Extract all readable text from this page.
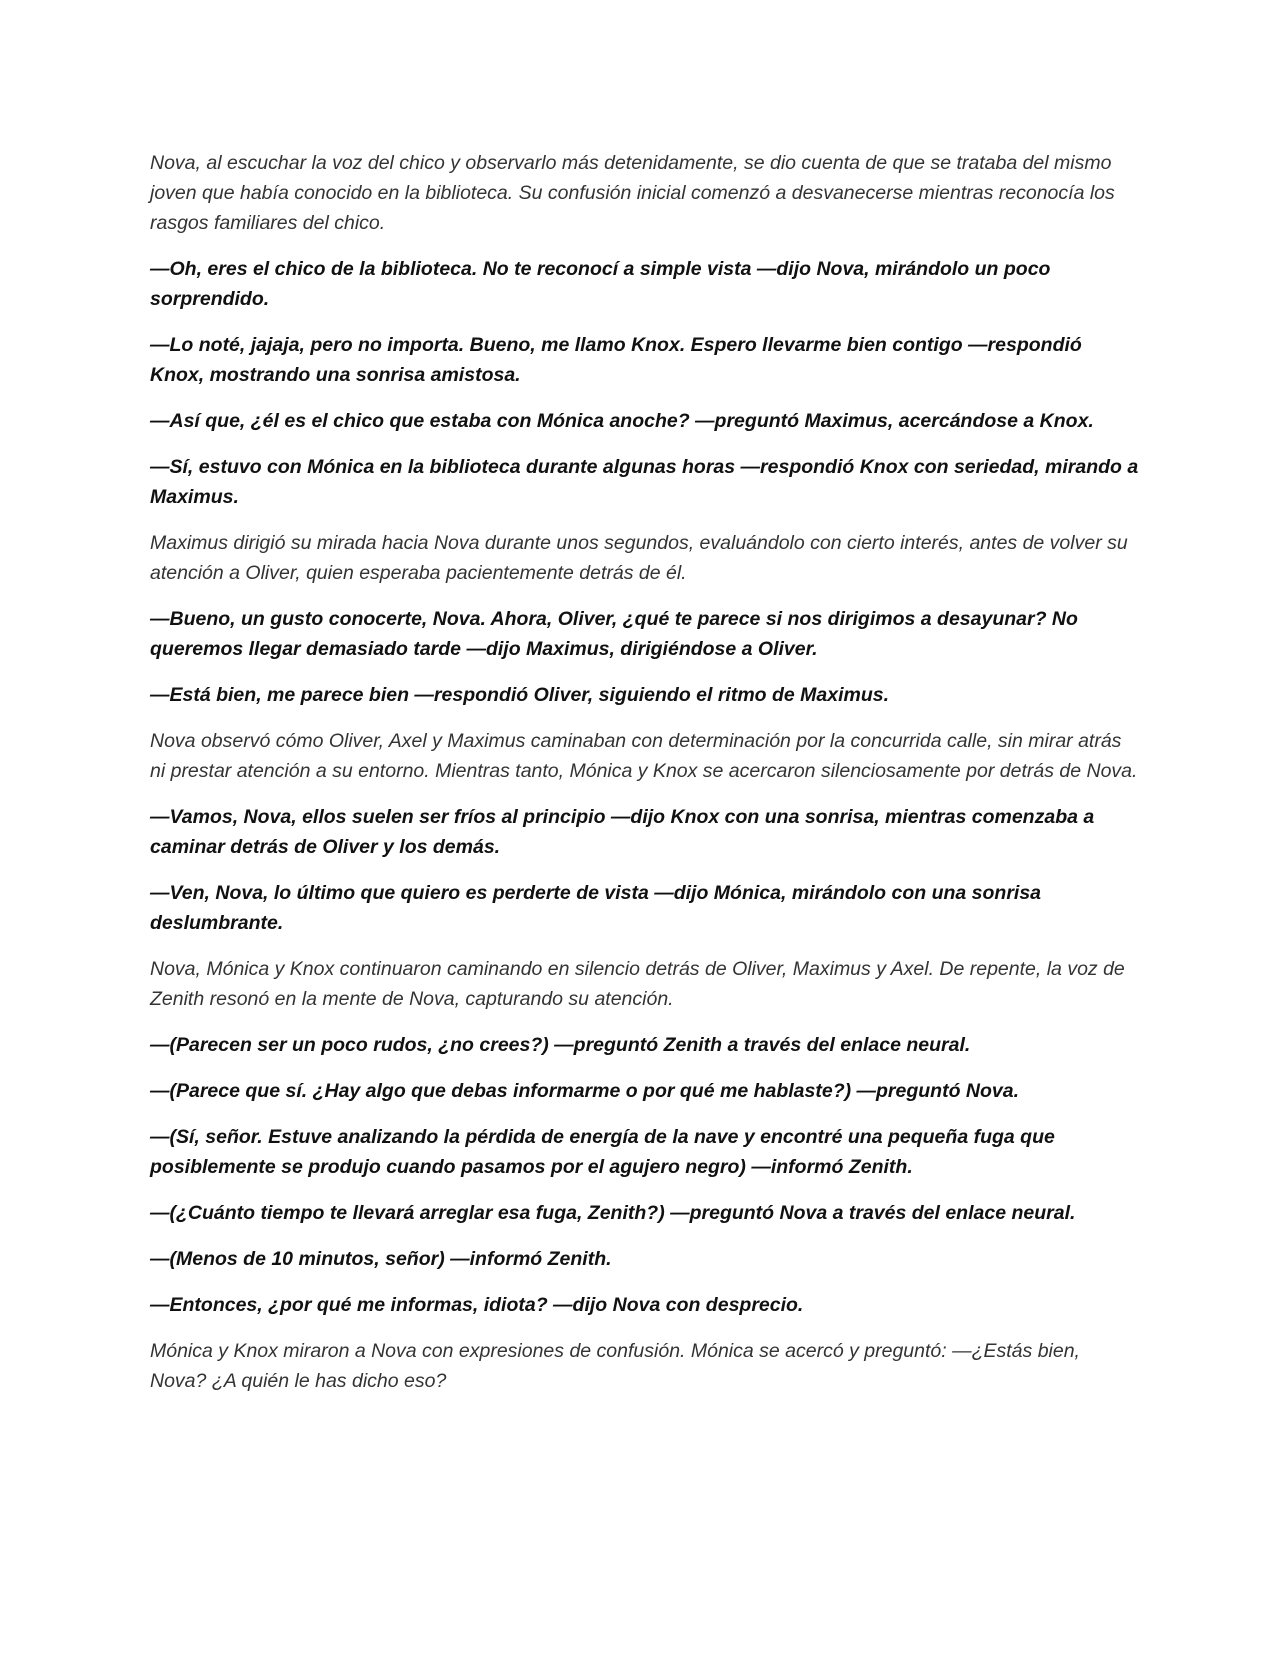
Nova, al escuchar la voz del chico y observarlo más detenidamente, se dio cuenta de que se trataba del mismo joven que había conocido en la biblioteca. Su confusión inicial comenzó a desvanecerse mientras reconocía los rasgos familiares del chico.

—Oh, eres el chico de la biblioteca. No te reconocí a simple vista —dijo Nova, mirándolo un poco sorprendido.

—Lo noté, jajaja, pero no importa. Bueno, me llamo Knox. Espero llevarme bien contigo —respondió Knox, mostrando una sonrisa amistosa.

—Así que, ¿él es el chico que estaba con Mónica anoche? —preguntó Maximus, acercándose a Knox.

—Sí, estuvo con Mónica en la biblioteca durante algunas horas —respondió Knox con seriedad, mirando a Maximus.

Maximus dirigió su mirada hacia Nova durante unos segundos, evaluándolo con cierto interés, antes de volver su atención a Oliver, quien esperaba pacientemente detrás de él.

—Bueno, un gusto conocerte, Nova. Ahora, Oliver, ¿qué te parece si nos dirigimos a desayunar? No queremos llegar demasiado tarde —dijo Maximus, dirigiéndose a Oliver.

—Está bien, me parece bien —respondió Oliver, siguiendo el ritmo de Maximus.

Nova observó cómo Oliver, Axel y Maximus caminaban con determinación por la concurrida calle, sin mirar atrás ni prestar atención a su entorno. Mientras tanto, Mónica y Knox se acercaron silenciosamente por detrás de Nova.

—Vamos, Nova, ellos suelen ser fríos al principio —dijo Knox con una sonrisa, mientras comenzaba a caminar detrás de Oliver y los demás.

—Ven, Nova, lo último que quiero es perderte de vista —dijo Mónica, mirándolo con una sonrisa deslumbrante.

Nova, Mónica y Knox continuaron caminando en silencio detrás de Oliver, Maximus y Axel. De repente, la voz de Zenith resonó en la mente de Nova, capturando su atención.

—(Parecen ser un poco rudos, ¿no crees?) —preguntó Zenith a través del enlace neural.

—(Parece que sí. ¿Hay algo que debas informarme o por qué me hablaste?) —preguntó Nova.

—(Sí, señor. Estuve analizando la pérdida de energía de la nave y encontré una pequeña fuga que posiblemente se produjo cuando pasamos por el agujero negro) —informó Zenith.

—(¿Cuánto tiempo te llevará arreglar esa fuga, Zenith?) —preguntó Nova a través del enlace neural.

—(Menos de 10 minutos, señor) —informó Zenith.

—Entonces, ¿por qué me informas, idiota? —dijo Nova con desprecio.

Mónica y Knox miraron a Nova con expresiones de confusión. Mónica se acercó y preguntó: —¿Estás bien, Nova? ¿A quién le has dicho eso?
